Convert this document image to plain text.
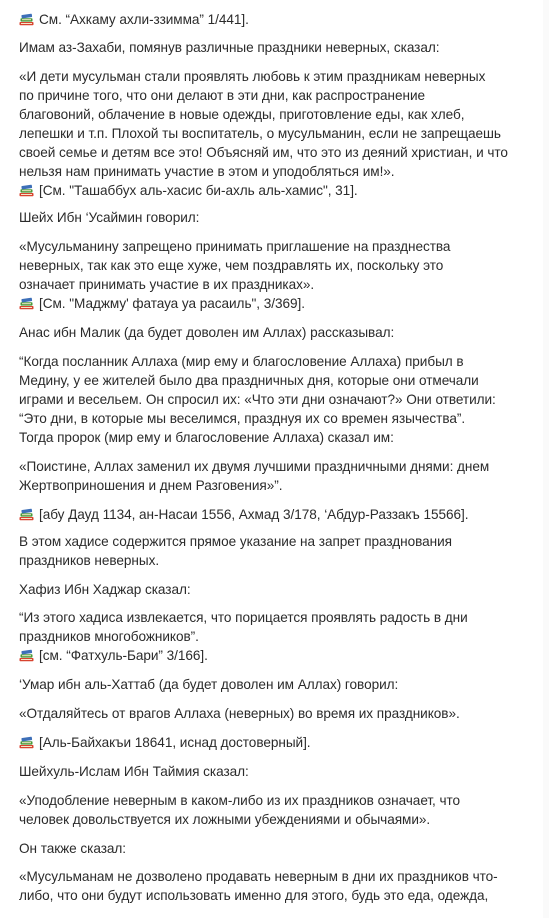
См. “Ахкаму ахли-ззимма” 1/441].
Имам аз-Захаби, помянув различные праздники неверных, сказал:
«И дети мусульман стали проявлять любовь к этим праздникам неверных
по причине того, что они делают в эти дни, как распространение
благовоний, облачение в новые одежды, приготовление еды, как хлеб,
лепешки и т.п. Плохой ты воспитатель, о мусульманин, если не запрещаешь
своей семье и детям все это! Объясняй им, что это из деяний христиан, и что
нельзя нам принимать участие в этом и уподобляться им!».
[См. "Ташаббух аль-хасис би-ахль аль-хамис", 31].
Шейх Ибн ‘Усаймин говорил:
«Мусульманину запрещено принимать приглашение на празднества
неверных, так как это еще хуже, чем поздравлять их, поскольку это
означает принимать участие в их праздниках».
[См. "Маджму' фатауа уа расаиль", 3/369].
Анас ибн Малик (да будет доволен им Аллах) рассказывал:
“Когда посланник Аллаха (мир ему и благословение Аллаха) прибыл в
Медину, у ее жителей было два праздничных дня, которые они отмечали
играми и весельем. Он спросил их: «Что эти дни означают?» Они ответили:
“Это дни, в которые мы веселимся, празднуя их со времен язычества”.
Тогда пророк (мир ему и благословение Аллаха) сказал им:
«Поистине, Аллах заменил их двумя лучшими праздничными днями: днем
Жертвоприношения и днем Разговения»”.
[абу Дауд 1134, ан-Насаи 1556, Ахмад 3/178, ‘Абдур-Раззакъ 15566].
В этом хадисе содержится прямое указание на запрет празднования
праздников неверных.
Хафиз Ибн Хаджар сказал:
“Из этого хадиса извлекается, что порицается проявлять радость в дни
праздников многобожников”.
[см. “Фатхуль-Бари” 3/166].
‘Умар ибн аль-Хаттаб (да будет доволен им Аллах) говорил:
«Отдаляйтесь от врагов Аллаха (неверных) во время их праздников».
[Аль-Байхакъи 18641, иснад достоверный].
Шейхуль-Ислам Ибн Таймия сказал:
«Уподобление неверным в каком-либо из их праздников означает, что
человек довольствуется их ложными убеждениями и обычаями».
Он также сказал:
«Мусульманам не дозволено продавать неверным в дни их праздников что-
либо, что они будут использовать именно для этого, будь это еда, одежда,
